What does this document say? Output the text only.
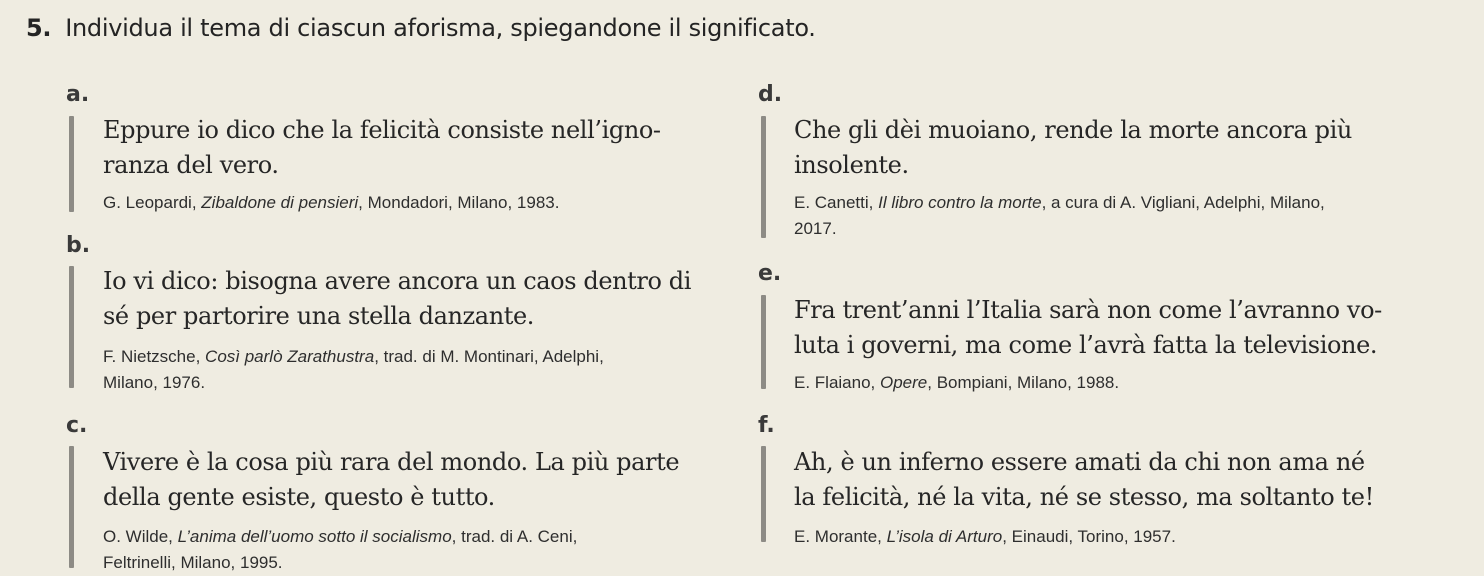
5. Individua il tema di ciascun aforisma, spiegandone il significato.
a.
Eppure io dico che la felicità consiste nell’igno-
ranza del vero.
G. Leopardi, Zibaldone di pensieri, Mondadori, Milano, 1983.
b.
Io vi dico: bisogna avere ancora un caos dentro di
sé per partorire una stella danzante.
F. Nietzsche, Così parlò Zarathustra, trad. di M. Montinari, Adelphi,
Milano, 1976.
c.
Vivere è la cosa più rara del mondo. La più parte
della gente esiste, questo è tutto.
O. Wilde, L’anima dell’uomo sotto il socialismo, trad. di A. Ceni,
Feltrinelli, Milano, 1995.
d.
Che gli dèi muoiano, rende la morte ancora più
insolente.
E. Canetti, Il libro contro la morte, a cura di A. Vigliani, Adelphi, Milano,
2017.
e.
Fra trent’anni l’Italia sarà non come l’avranno vo-
luta i governi, ma come l’avrà fatta la televisione.
E. Flaiano, Opere, Bompiani, Milano, 1988.
f.
Ah, è un inferno essere amati da chi non ama né
la felicità, né la vita, né se stesso, ma soltanto te!
E. Morante, L’isola di Arturo, Einaudi, Torino, 1957.
